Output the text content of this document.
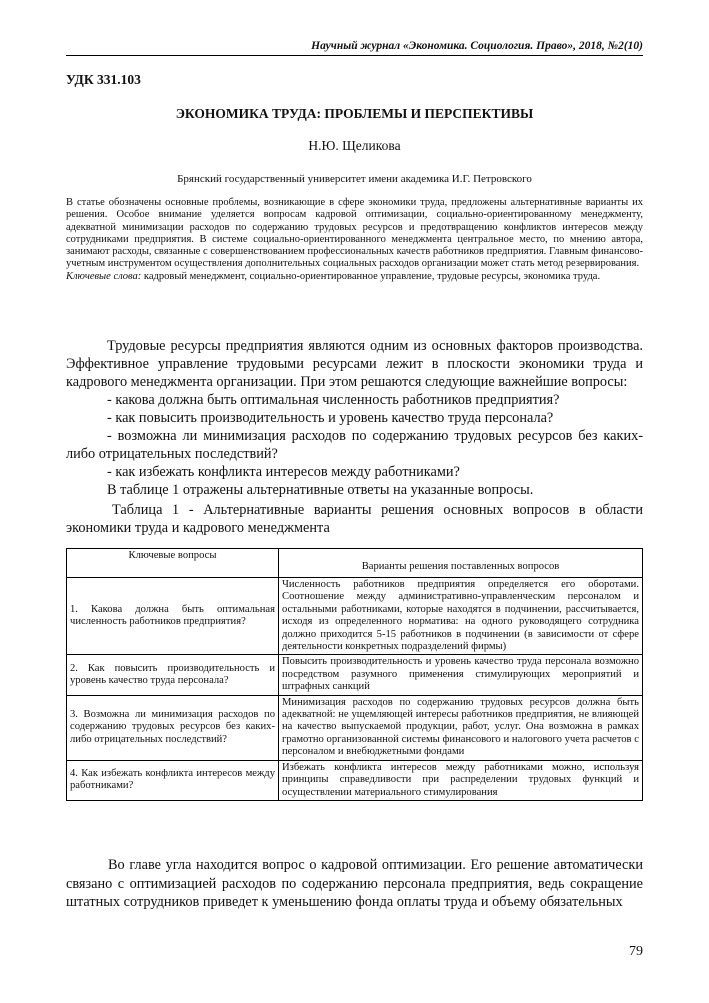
Научный журнал «Экономика. Социология. Право», 2018, №2(10)
УДК 331.103
ЭКОНОМИКА ТРУДА: ПРОБЛЕМЫ И ПЕРСПЕКТИВЫ
Н.Ю. Щеликова
Брянский государственный университет имени академика И.Г. Петровского

В статье обозначены основные проблемы, возникающие в сфере экономики труда, предложены альтернативные варианты их решения. Особое внимание уделяется вопросам кадровой оптимизации, социально-ориентированному менеджменту, адекватной минимизации расходов по содержанию трудовых ресурсов и предотвращению конфликтов интересов между сотрудниками предприятия. В системе социально-ориентированного менеджмента центральное место, по мнению автора, занимают расходы, связанные с совершенствованием профессиональных качеств работников предприятия. Главным финансово-учетным инструментом осуществления дополнительных социальных расходов организации может стать метод резервирования.

Ключевые слова: кадровый менеджмент, социально-ориентированное управление, трудовые ресурсы, экономика труда.

Трудовые ресурсы предприятия являются одним из основных факторов производства. Эффективное управление трудовыми ресурсами лежит в плоскости экономики труда и кадрового менеджмента организации. При этом решаются следующие важнейшие вопросы:

- какова должна быть оптимальная численность работников предприятия?

- как повысить производительность и уровень качество труда персонала?

- возможна ли минимизация расходов по содержанию трудовых ресурсов без каких-либо отрицательных последствий?

- как избежать конфликта интересов между работниками?

В таблице 1 отражены альтернативные ответы на указанные вопросы.

Таблица 1 - Альтернативные варианты решения основных вопросов в области экономики труда и кадрового менеджмента

Ключевые вопросы	Варианты решения поставленных вопросов
1. Какова должна быть оптимальная численность работников предприятия?	Численность работников предприятия определяется его оборотами. Соотношение между административно-управленческим персоналом и остальными работниками, которые находятся в подчинении, рассчитывается, исходя из определенного норматива: на одного руководящего сотрудника должно приходится 5-15 работников в подчинении (в зависимости от сфере деятельности конкретных подразделений фирмы)
2. Как повысить производительность и уровень качество труда персонала?	Повысить производительность и уровень качество труда персонала возможно посредством разумного применения стимулирующих мероприятий и штрафных санкций
3. Возможна ли минимизация расходов по содержанию трудовых ресурсов без каких-либо отрицательных последствий?	Минимизация расходов по содержанию трудовых ресурсов должна быть адекватной: не ущемляющей интересы работников предприятия, не влияющей на качество выпускаемой продукции, работ, услуг. Она возможна в рамках грамотно организованной системы финансового и налогового учета расчетов с персоналом и внебюджетными фондами
4. Как избежать конфликта интересов между работниками?	Избежать конфликта интересов между работниками можно, используя принципы справедливости при распределении трудовых функций и осуществлении материального стимулирования

Во главе угла находится вопрос о кадровой оптимизации. Его решение автоматически связано с оптимизацией расходов по содержанию персонала предприятия, ведь сокращение штатных сотрудников приведет к уменьшению фонда оплаты труда и объему обязательных

79
